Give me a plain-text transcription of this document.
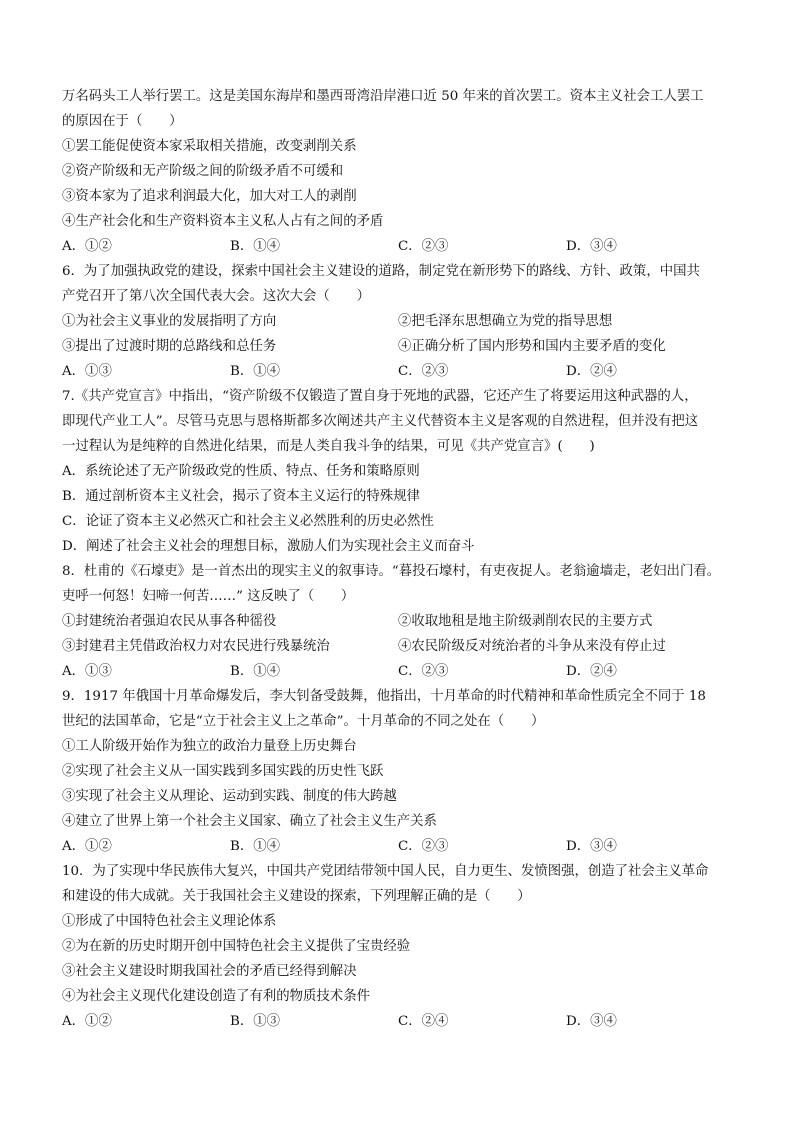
万名码头工人举行罢工。这是美国东海岸和墨西哥湾沿岸港口近 50 年来的首次罢工。资本主义社会工人罢工
的原因在于（　　）
①罢工能促使资本家采取相关措施，改变剥削关系
②资产阶级和无产阶级之间的阶级矛盾不可缓和
③资本家为了追求利润最大化，加大对工人的剥削
④生产社会化和生产资料资本主义私人占有之间的矛盾
A．①②	B．①④	C．②③	D．③④
6．为了加强执政党的建设，探索中国社会主义建设的道路，制定党在新形势下的路线、方针、政策，中国共
产党召开了第八次全国代表大会。这次大会（　　）
①为社会主义事业的发展指明了方向	②把毛泽东思想确立为党的指导思想
③提出了过渡时期的总路线和总任务	④正确分析了国内形势和国内主要矛盾的变化
A．①③	B．①④	C．②③	D．②④
7.《共产党宣言》中指出，“资产阶级不仅锻造了置自身于死地的武器，它还产生了将要运用这种武器的人，
即现代产业工人”。尽管马克思与恩格斯都多次阐述共产主义代替资本主义是客观的自然进程，但并没有把这
一过程认为是纯粹的自然进化结果，而是人类自我斗争的结果，可见《共产党宣言》(　　)
A．系统论述了无产阶级政党的性质、特点、任务和策略原则
B．通过剖析资本主义社会，揭示了资本主义运行的特殊规律
C．论证了资本主义必然灭亡和社会主义必然胜利的历史必然性
D．阐述了社会主义社会的理想目标，激励人们为实现社会主义而奋斗
8．杜甫的《石壕吏》是一首杰出的现实主义的叙事诗。“暮投石壕村，有吏夜捉人。老翁逾墙走，老妇出门看。
吏呼一何怒！妇啼一何苦……” 这反映了（　　）
①封建统治者强迫农民从事各种徭役	②收取地租是地主阶级剥削农民的主要方式
③封建君主凭借政治权力对农民进行残暴统治	④农民阶级反对统治者的斗争从来没有停止过
A．①③	B．①④	C．②③	D．②④
9．1917 年俄国十月革命爆发后，李大钊备受鼓舞，他指出，十月革命的时代精神和革命性质完全不同于 18
世纪的法国革命，它是“立于社会主义上之革命”。十月革命的不同之处在（　　）
①工人阶级开始作为独立的政治力量登上历史舞台
②实现了社会主义从一国实践到多国实践的历史性飞跃
③实现了社会主义从理论、运动到实践、制度的伟大跨越
④建立了世界上第一个社会主义国家、确立了社会主义生产关系
A．①②	B．①④	C．②③	D．③④
10．为了实现中华民族伟大复兴，中国共产党团结带领中国人民，自力更生、发愤图强，创造了社会主义革命
和建设的伟大成就。关于我国社会主义建设的探索，下列理解正确的是（　　）
①形成了中国特色社会主义理论体系
②为在新的历史时期开创中国特色社会主义提供了宝贵经验
③社会主义建设时期我国社会的矛盾已经得到解决
④为社会主义现代化建设创造了有利的物质技术条件
A．①②	B．①③	C．②④	D．③④
